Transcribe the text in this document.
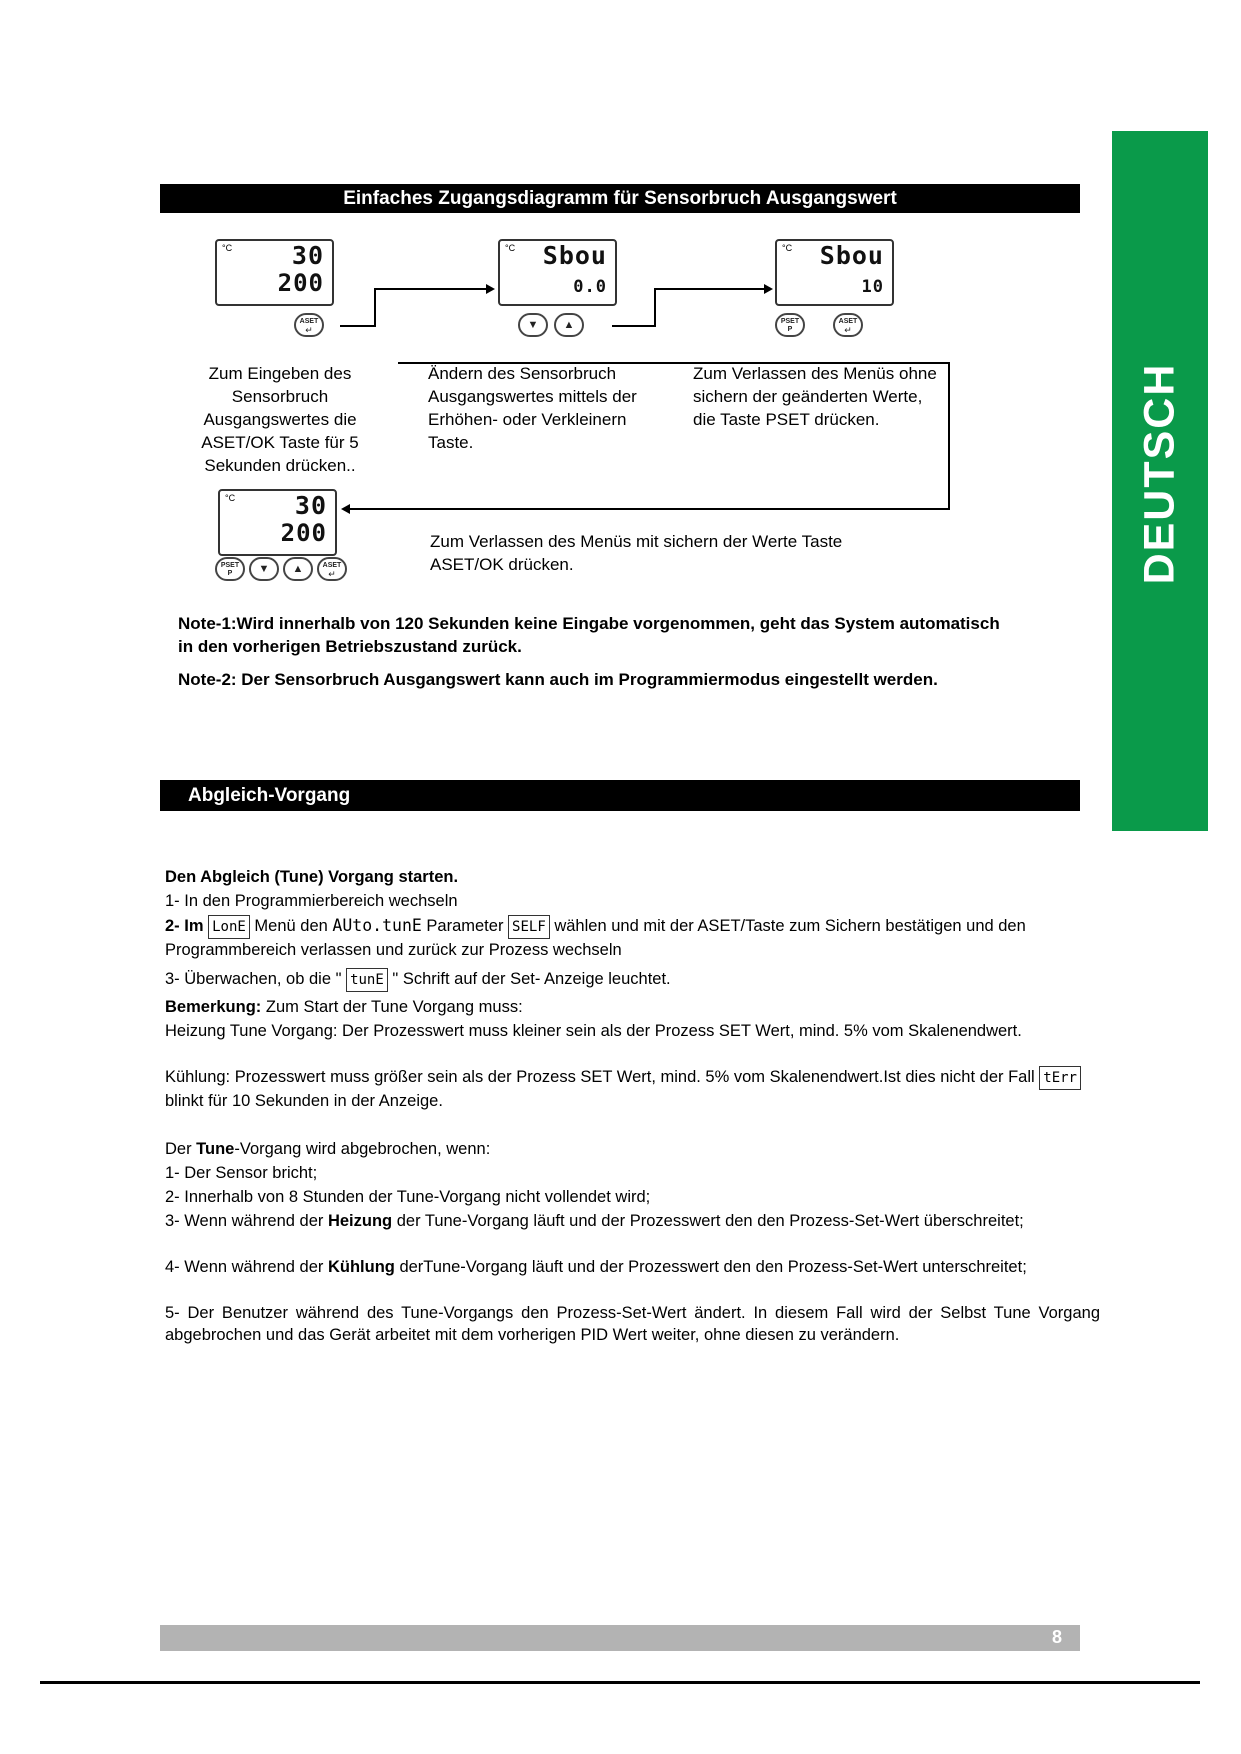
DEUTSCH
Einfaches Zugangsdiagramm für Sensorbruch Ausgangswert
°C 30
200
ASET
↵
°C Sbou
0.0
▼	▲
°C Sbou
10
PSET
P
ASET
↵
Zum Eingeben des Sensorbruch Ausgangswertes die ASET/OK Taste für 5 Sekunden drücken..
Ändern des Sensorbruch Ausgangswertes mittels der Erhöhen- oder Verkleinern Taste.
Zum Verlassen des Menüs ohne sichern der geänderten Werte, die Taste PSET drücken.
°C 30
200
PSET
P	▼	▲	ASET
↵
Zum Verlassen des Menüs mit sichern der Werte Taste ASET/OK drücken.
Note-1:Wird innerhalb von 120 Sekunden keine Eingabe vorgenommen, geht das System automatisch in den vorherigen Betriebszustand zurück.
Note-2: Der Sensorbruch Ausgangswert kann auch im Programmiermodus eingestellt werden.
Abgleich-Vorgang
Den Abgleich (Tune) Vorgang starten.
1- In den Programmierbereich wechseln
2- Im LonE Menü den AUto.tunE Parameter SELF wählen und mit der ASET/Taste zum Sichern bestätigen und den Programmbereich verlassen und zurück zur Prozess wechseln
3- Überwachen, ob die " tunE " Schrift auf der Set- Anzeige leuchtet.
Bemerkung: Zum Start der Tune Vorgang muss:
Heizung Tune Vorgang: Der Prozesswert muss kleiner sein als der Prozess SET Wert, mind. 5% vom Skalenendwert.
Kühlung: Prozesswert muss größer sein als der Prozess SET Wert, mind. 5% vom Skalenendwert.Ist dies nicht der Fall tErr blinkt für 10 Sekunden in der Anzeige.
Der Tune-Vorgang wird abgebrochen, wenn:
1- Der Sensor bricht;
2- Innerhalb von 8 Stunden der Tune-Vorgang nicht vollendet wird;
3- Wenn während der Heizung der Tune-Vorgang läuft und der Prozesswert den den Prozess-Set-Wert überschreitet;
4- Wenn während der Kühlung derTune-Vorgang läuft und der Prozesswert den den Prozess-Set-Wert unterschreitet;
5- Der Benutzer während des Tune-Vorgangs den Prozess-Set-Wert ändert. In diesem Fall wird der Selbst Tune Vorgang abgebrochen und das Gerät arbeitet mit dem vorherigen PID Wert weiter, ohne diesen zu verändern.
8
